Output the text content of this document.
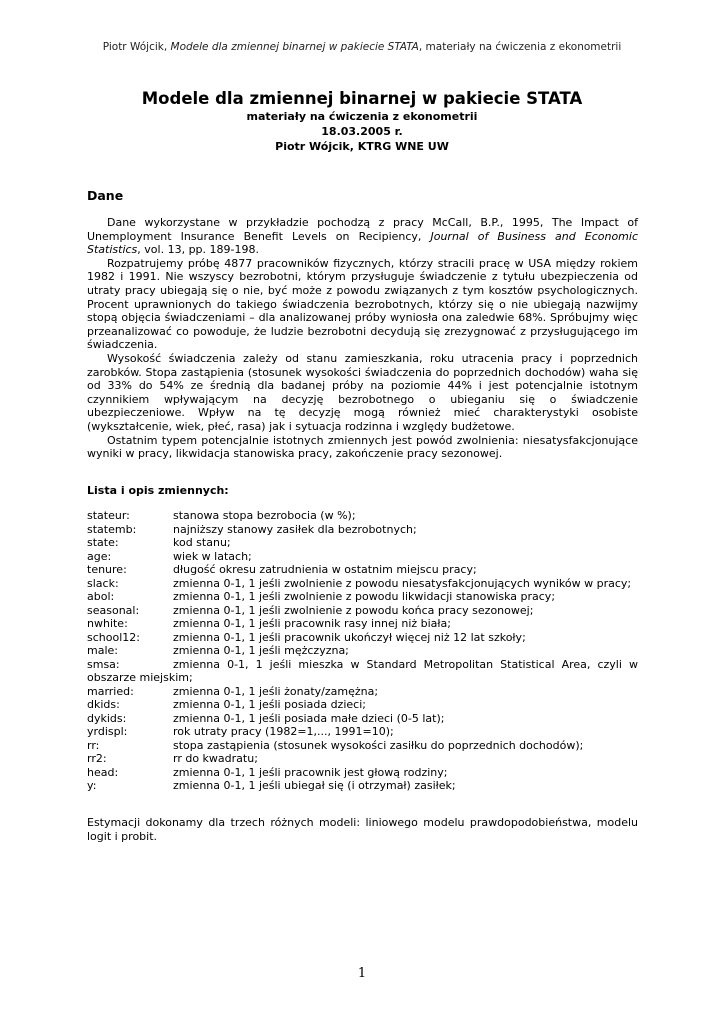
Piotr Wójcik, Modele dla zmiennej binarnej w pakiecie STATA, materiały na ćwiczenia z ekonometrii
Modele dla zmiennej binarnej w pakiecie STATA
materiały na ćwiczenia z ekonometrii
18.03.2005 r.
Piotr Wójcik, KTRG WNE UW
Dane

Dane wykorzystane w przykładzie pochodzą z pracy McCall, B.P., 1995, The Impact of Unemployment Insurance Benefit Levels on Recipiency, Journal of Business and Economic Statistics, vol. 13, pp. 189-198.

Rozpatrujemy próbę 4877 pracowników fizycznych, którzy stracili pracę w USA między rokiem 1982 i 1991. Nie wszyscy bezrobotni, którym przysługuje świadczenie z tytułu ubezpieczenia od utraty pracy ubiegają się o nie, być może z powodu związanych z tym kosztów psychologicznych. Procent uprawnionych do takiego świadczenia bezrobotnych, którzy się o nie ubiegają nazwijmy stopą objęcia świadczeniami – dla analizowanej próby wyniosła ona zaledwie 68%. Spróbujmy więc przeanalizować co powoduje, że ludzie bezrobotni decydują się zrezygnować z przysługującego im świadczenia.

Wysokość świadczenia zależy od stanu zamieszkania, roku utracenia pracy i poprzednich zarobków. Stopa zastąpienia (stosunek wysokości świadczenia do poprzednich dochodów) waha się od 33% do 54% ze średnią dla badanej próby na poziomie 44% i jest potencjalnie istotnym czynnikiem wpływającym na decyzję bezrobotnego o ubieganiu się o świadczenie ubezpieczeniowe. Wpływ na tę decyzję mogą również mieć charakterystyki osobiste (wykształcenie, wiek, płeć, rasa) jak i sytuacja rodzinna i względy budżetowe.

Ostatnim typem potencjalnie istotnych zmiennych jest powód zwolnienia: niesatysfakcjonujące wyniki w pracy, likwidacja stanowiska pracy, zakończenie pracy sezonowej.

Lista i opis zmiennych:
stateur:	stanowa stopa bezrobocia (w %);
statemb:	najniższy stanowy zasiłek dla bezrobotnych;
state:	kod stanu;
age:	wiek w latach;
tenure:	długość okresu zatrudnienia w ostatnim miejscu pracy;
slack:	zmienna 0-1, 1 jeśli zwolnienie z powodu niesatysfakcjonujących wyników w pracy;
abol:	zmienna 0-1, 1 jeśli zwolnienie z powodu likwidacji stanowiska pracy;
seasonal:	zmienna 0-1, 1 jeśli zwolnienie z powodu końca pracy sezonowej;
nwhite:	zmienna 0-1, 1 jeśli pracownik rasy innej niż biała;
school12:	zmienna 0-1, 1 jeśli pracownik ukończył więcej niż 12 lat szkoły;
male:	zmienna 0-1, 1 jeśli mężczyzna;
smsa:	zmienna 0-1, 1 jeśli mieszka w Standard Metropolitan Statistical Area, czyli w obszarze miejskim;
married:	zmienna 0-1, 1 jeśli żonaty/zamężna;
dkids:	zmienna 0-1, 1 jeśli posiada dzieci;
dykids:	zmienna 0-1, 1 jeśli posiada małe dzieci (0-5 lat);
yrdispl:	rok utraty pracy (1982=1,..., 1991=10);
rr:	stopa zastąpienia (stosunek wysokości zasiłku do poprzednich dochodów);
rr2:	rr do kwadratu;
head:	zmienna 0-1, 1 jeśli pracownik jest głową rodziny;
y:	zmienna 0-1, 1 jeśli ubiegał się (i otrzymał) zasiłek;
Estymacji dokonamy dla trzech różnych modeli: liniowego modelu prawdopodobieństwa, modelu logit i probit.
1
